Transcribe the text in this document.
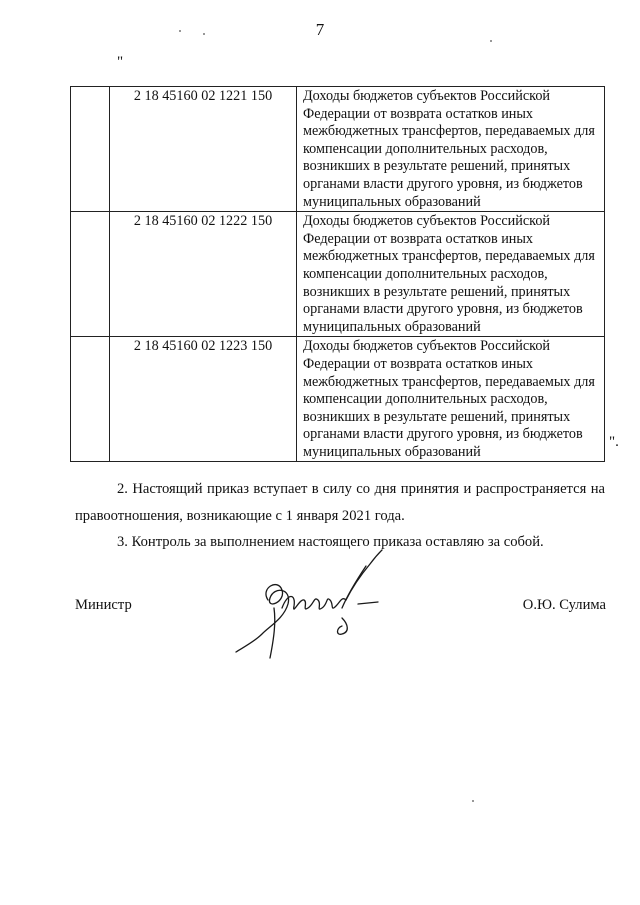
7
"
	2 18 45160 02 1221 150	Доходы бюджетов субъектов Российской Федерации от возврата остатков иных межбюджетных трансфертов, передаваемых для компенсации дополнительных расходов, возникших в результате решений, принятых органами власти другого уровня, из бюджетов муниципальных образований
	2 18 45160 02 1222 150	Доходы бюджетов субъектов Российской Федерации от возврата остатков иных межбюджетных трансфертов, передаваемых для компенсации дополнительных расходов, возникших в результате решений, принятых органами власти другого уровня, из бюджетов муниципальных образований
	2 18 45160 02 1223 150	Доходы бюджетов субъектов Российской Федерации от возврата остатков иных межбюджетных трансфертов, передаваемых для компенсации дополнительных расходов, возникших в результате решений, принятых органами власти другого уровня, из бюджетов муниципальных образований
".
2. Настоящий приказ вступает в силу со дня принятия и распространяется на правоотношения, возникающие с 1 января 2021 года.
3. Контроль за выполнением настоящего приказа оставляю за собой.
Министр	О.Ю. Сулима
